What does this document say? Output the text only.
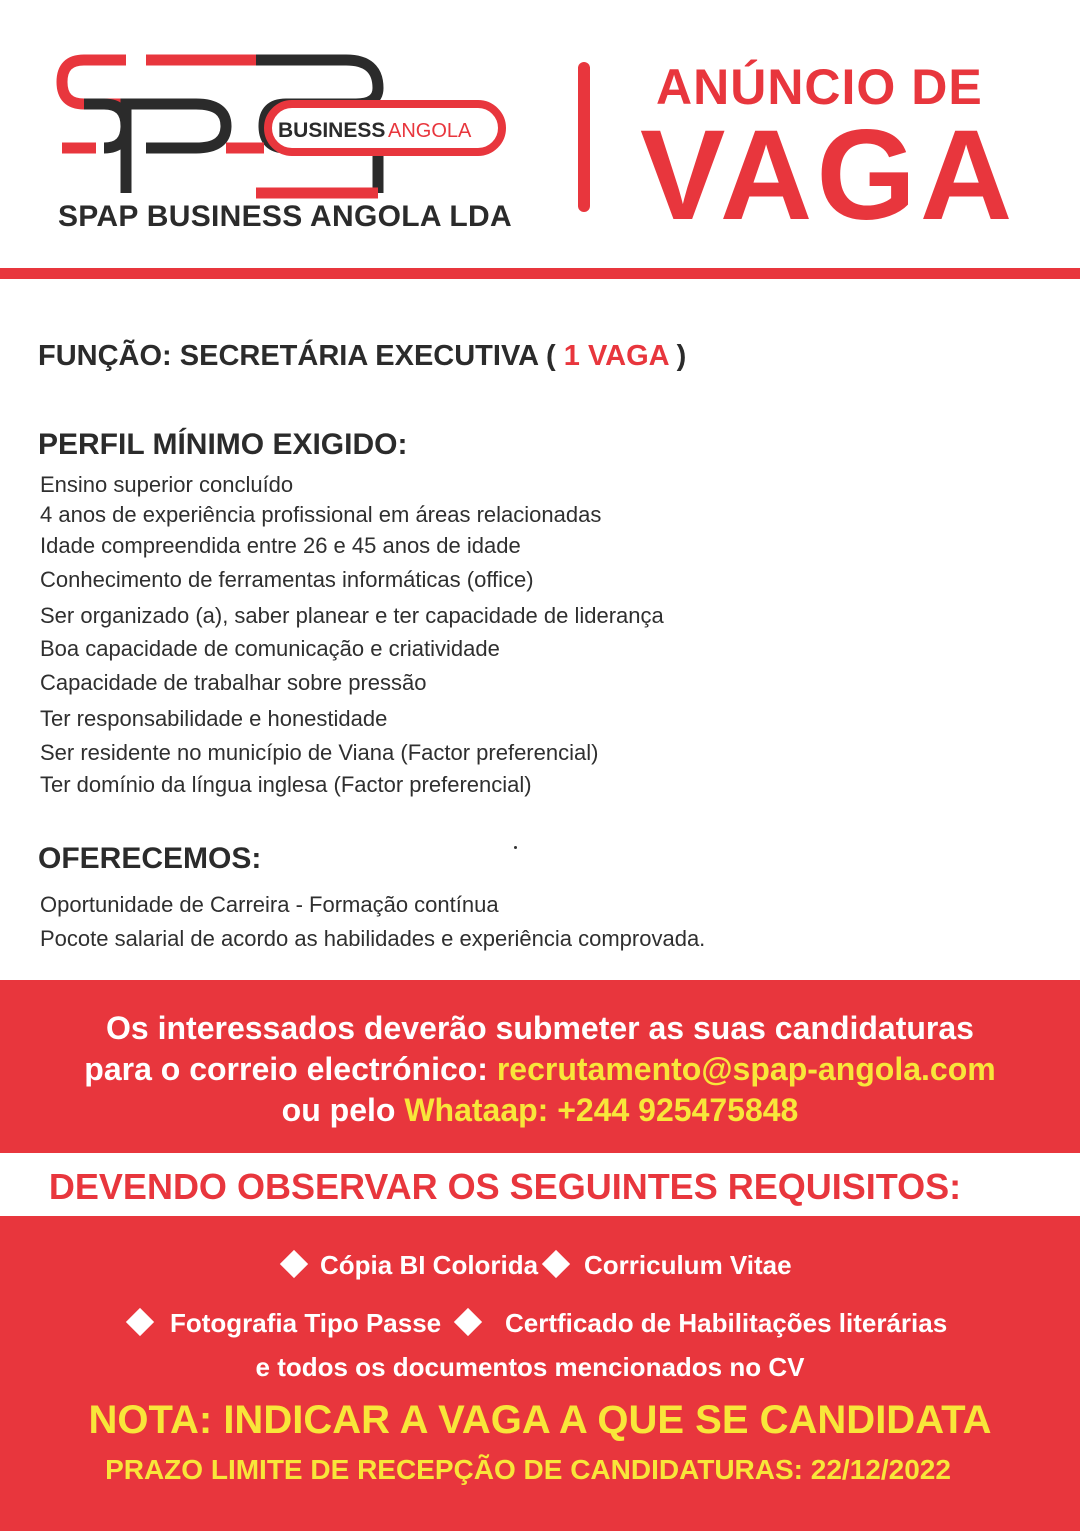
BUSINESS ANGOLA
SPAP BUSINESS ANGOLA LDA
ANÚNCIO DE
VAGA
FUNÇÃO: SECRETÁRIA EXECUTIVA ( 1 VAGA )
PERFIL MÍNIMO EXIGIDO:
Ensino superior concluído
4 anos de experiência profissional em áreas relacionadas
Idade compreendida entre 26 e 45 anos de idade
Conhecimento de ferramentas informáticas (office)
Ser organizado (a), saber planear e ter capacidade de liderança
Boa capacidade de comunicação e criatividade
Capacidade de trabalhar sobre pressão
Ter responsabilidade e honestidade
Ser residente no município de Viana (Factor preferencial)
Ter domínio da língua inglesa (Factor preferencial)
OFERECEMOS:
Oportunidade de Carreira - Formação contínua
Pocote salarial de acordo as habilidades e experiência comprovada.
Os interessados deverão submeter as suas candidaturas
para o correio electrónico: recrutamento@spap-angola.com
ou pelo Whataap: +244 925475848
DEVENDO OBSERVAR OS SEGUINTES REQUISITOS:
Cópia BI Colorida Corriculum Vitae
Fotografia Tipo Passe Certficado de Habilitações literárias
e todos os documentos mencionados no CV
NOTA: INDICAR A VAGA A QUE SE CANDIDATA
PRAZO LIMITE DE RECEPÇÃO DE CANDIDATURAS: 22/12/2022
